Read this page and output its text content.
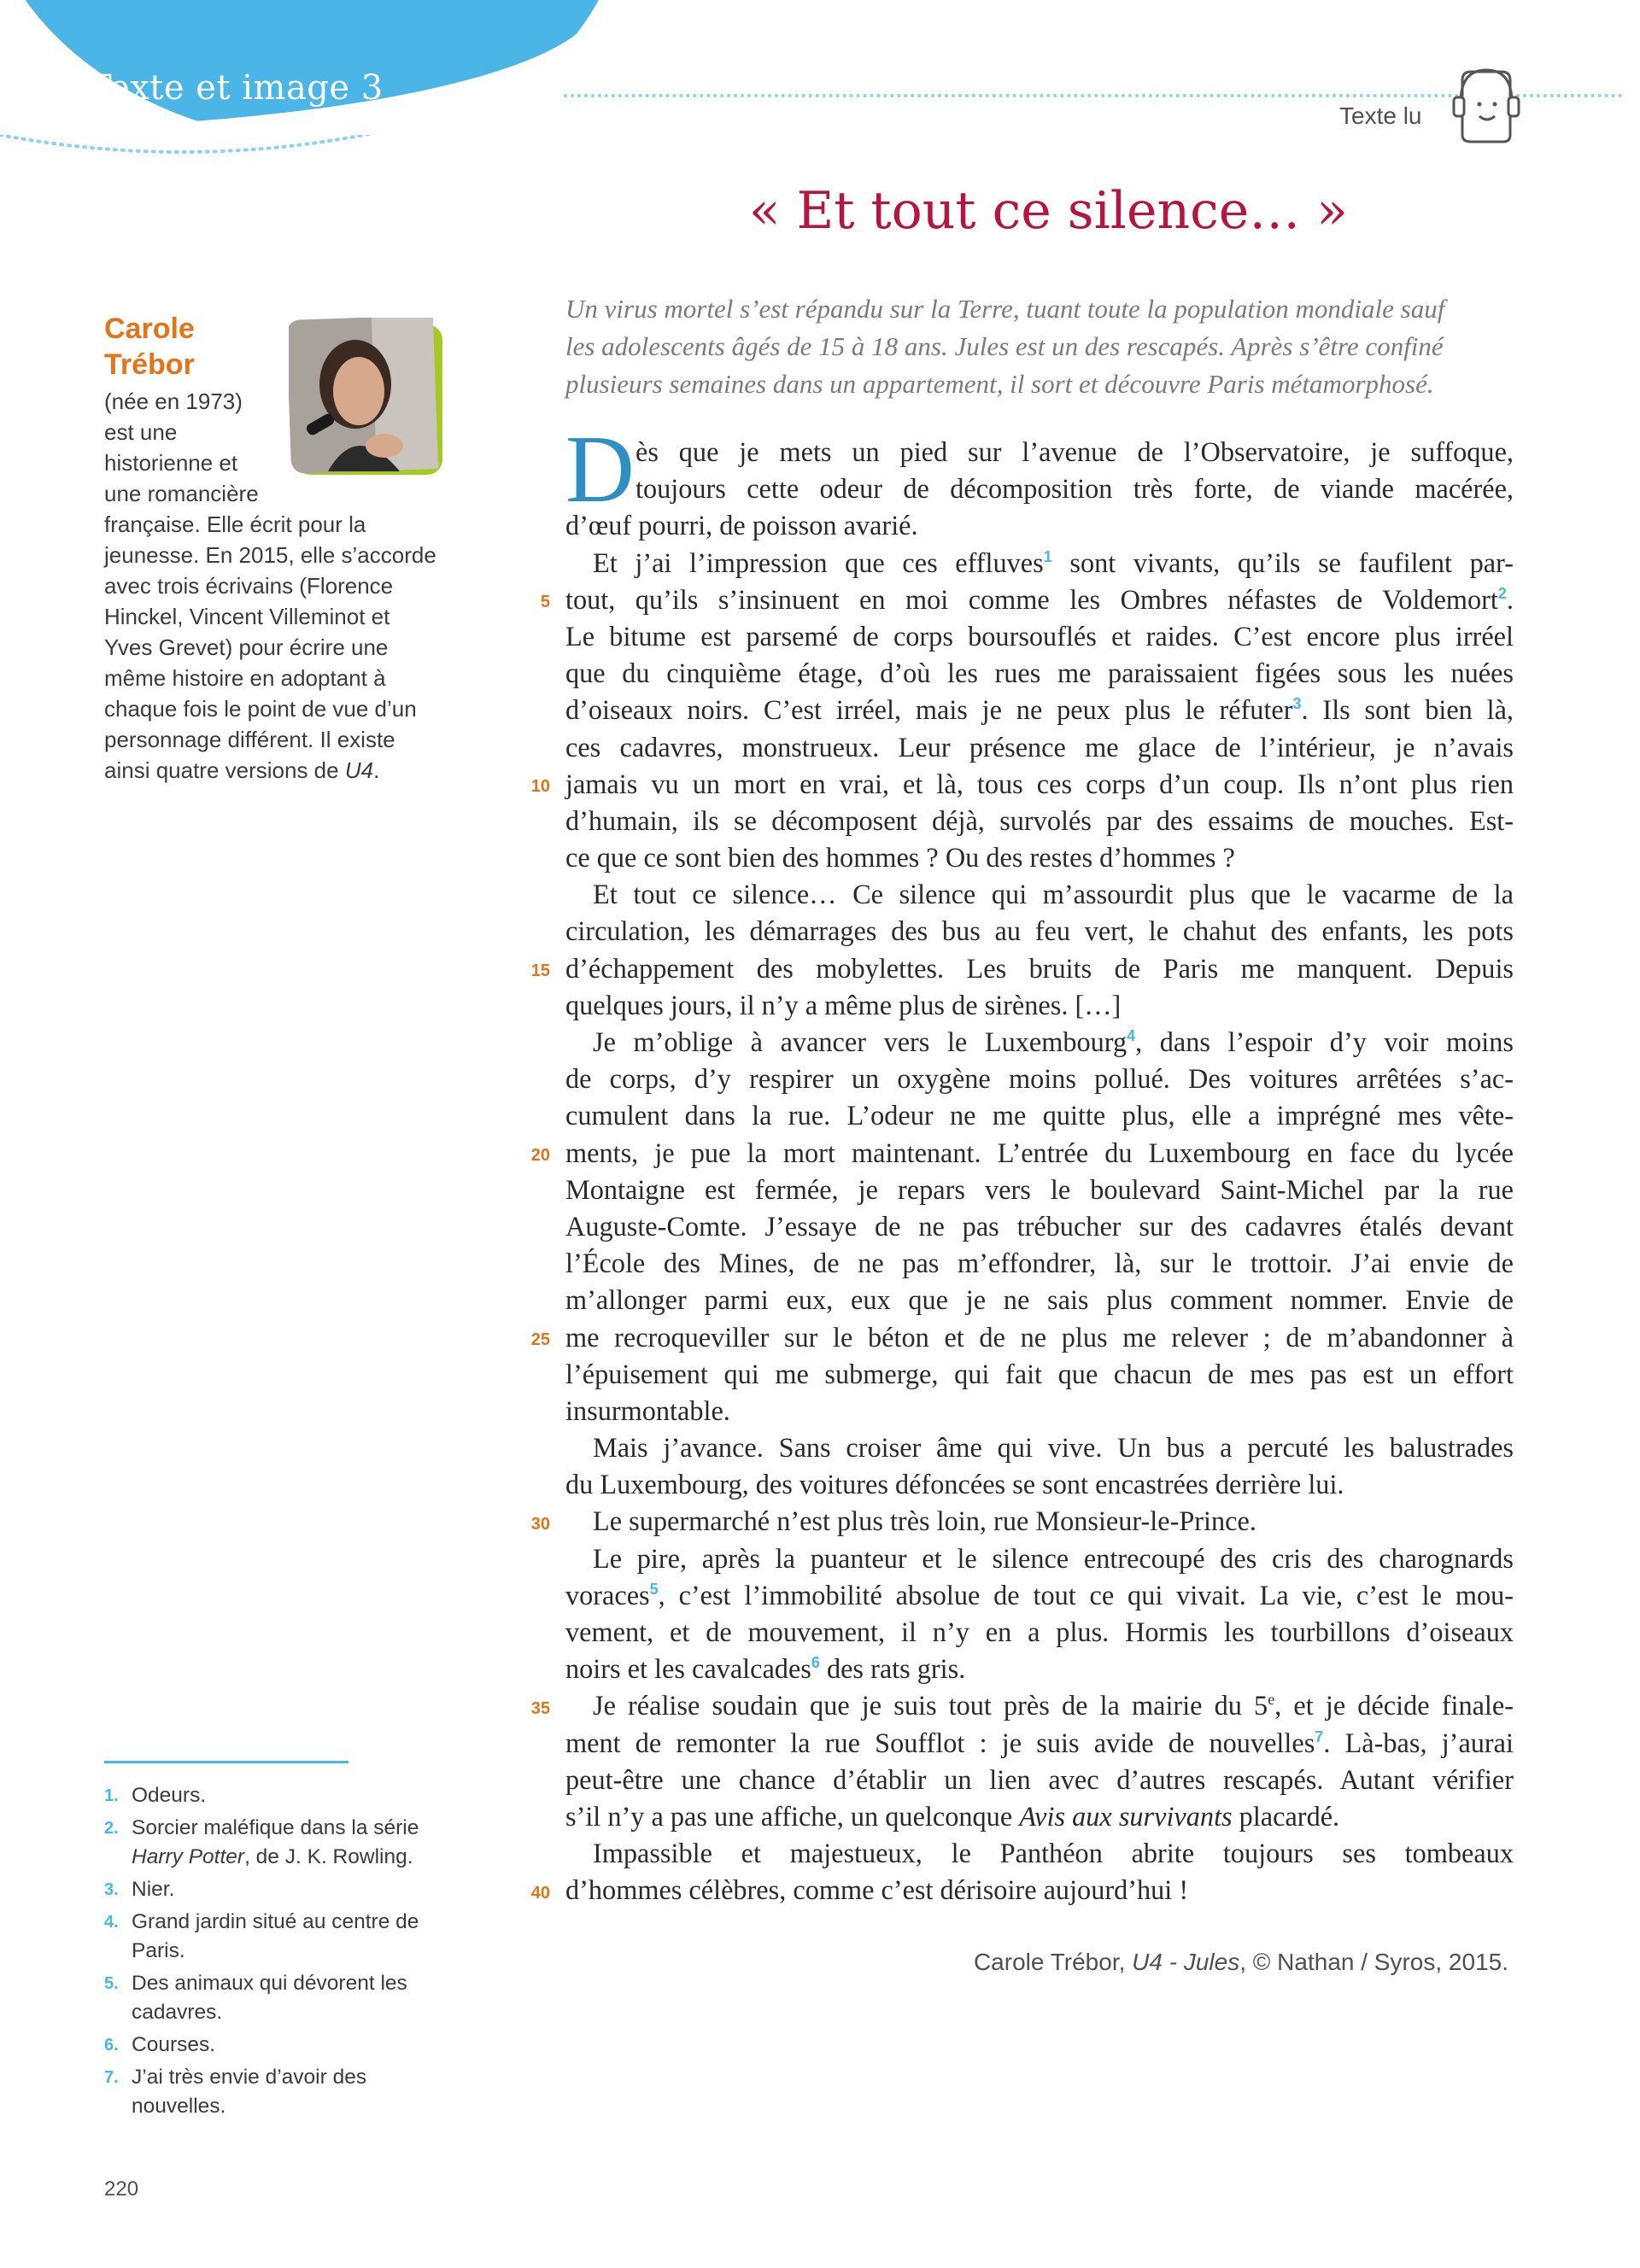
Texte et image 3
Texte lu
« Et tout ce silence… »
Carole
Trébor
(née en 1973)
est une
historienne et
une romancière
française. Elle écrit pour la
jeunesse. En 2015, elle s’accorde
avec trois écrivains (Florence
Hinckel, Vincent Villeminot et
Yves Grevet) pour écrire une
même histoire en adoptant à
chaque fois le point de vue d’un
personnage différent. Il existe
ainsi quatre versions de U4.
Un virus mortel s’est répandu sur la Terre, tuant toute la population mondiale sauf
les adolescents âgés de 15 à 18 ans. Jules est un des rescapés. Après s’être confiné
plusieurs semaines dans un appartement, il sort et découvre Paris métamorphosé.
D ès que je mets un pied sur l’avenue de l’Observatoire, je suffoque,
toujours cette odeur de décomposition très forte, de viande macérée,
d’œuf pourri, de poisson avarié.
Et j’ai l’impression que ces effluves$^1$ sont vivants, qu’ils se faufilent par-
tout, qu’ils s’insinuent en moi comme les Ombres néfastes de Voldemort$^2$.
Le bitume est parsemé de corps boursouflés et raides. C’est encore plus irréel
que du cinquième étage, d’où les rues me paraissaient figées sous les nuées
d’oiseaux noirs. C’est irréel, mais je ne peux plus le réfuter$^3$. Ils sont bien là,
ces cadavres, monstrueux. Leur présence me glace de l’intérieur, je n’avais
jamais vu un mort en vrai, et là, tous ces corps d’un coup. Ils n’ont plus rien
d’humain, ils se décomposent déjà, survolés par des essaims de mouches. Est-
ce que ce sont bien des hommes ? Ou des restes d’hommes ?
Et tout ce silence… Ce silence qui m’assourdit plus que le vacarme de la
circulation, les démarrages des bus au feu vert, le chahut des enfants, les pots
d’échappement des mobylettes. Les bruits de Paris me manquent. Depuis
quelques jours, il n’y a même plus de sirènes. […]
Je m’oblige à avancer vers le Luxembourg$^4$, dans l’espoir d’y voir moins
de corps, d’y respirer un oxygène moins pollué. Des voitures arrêtées s’ac-
cumulent dans la rue. L’odeur ne me quitte plus, elle a imprégné mes vête-
ments, je pue la mort maintenant. L’entrée du Luxembourg en face du lycée
Montaigne est fermée, je repars vers le boulevard Saint-Michel par la rue
Auguste-Comte. J’essaye de ne pas trébucher sur des cadavres étalés devant
l’École des Mines, de ne pas m’effondrer, là, sur le trottoir. J’ai envie de
m’allonger parmi eux, eux que je ne sais plus comment nommer. Envie de
me recroqueviller sur le béton et de ne plus me relever ; de m’abandonner à
l’épuisement qui me submerge, qui fait que chacun de mes pas est un effort
insurmontable.
Mais j’avance. Sans croiser âme qui vive. Un bus a percuté les balustrades
du Luxembourg, des voitures défoncées se sont encastrées derrière lui.
Le supermarché n’est plus très loin, rue Monsieur-le-Prince.
Le pire, après la puanteur et le silence entrecoupé des cris des charognards
voraces$^5$, c’est l’immobilité absolue de tout ce qui vivait. La vie, c’est le mou-
vement, et de mouvement, il n’y en a plus. Hormis les tourbillons d’oiseaux
noirs et les cavalcades$^6$ des rats gris.
Je réalise soudain que je suis tout près de la mairie du 5e, et je décide finale-
ment de remonter la rue Soufflot : je suis avide de nouvelles$^7$. Là-bas, j’aurai
peut-être une chance d’établir un lien avec d’autres rescapés. Autant vérifier
s’il n’y a pas une affiche, un quelconque Avis aux survivants placardé.
Impassible et majestueux, le Panthéon abrite toujours ses tombeaux
d’hommes célèbres, comme c’est dérisoire aujourd’hui !
5
10
15
20
25
30
35
40
Carole Trébor, U4 - Jules, © Nathan / Syros, 2015.
1. Odeurs.
2. Sorcier maléfique dans la série
Harry Potter, de J. K. Rowling.
3. Nier.
4. Grand jardin situé au centre de
Paris.
5. Des animaux qui dévorent les
cadavres.
6. Courses.
7. J’ai très envie d’avoir des
nouvelles.
220
